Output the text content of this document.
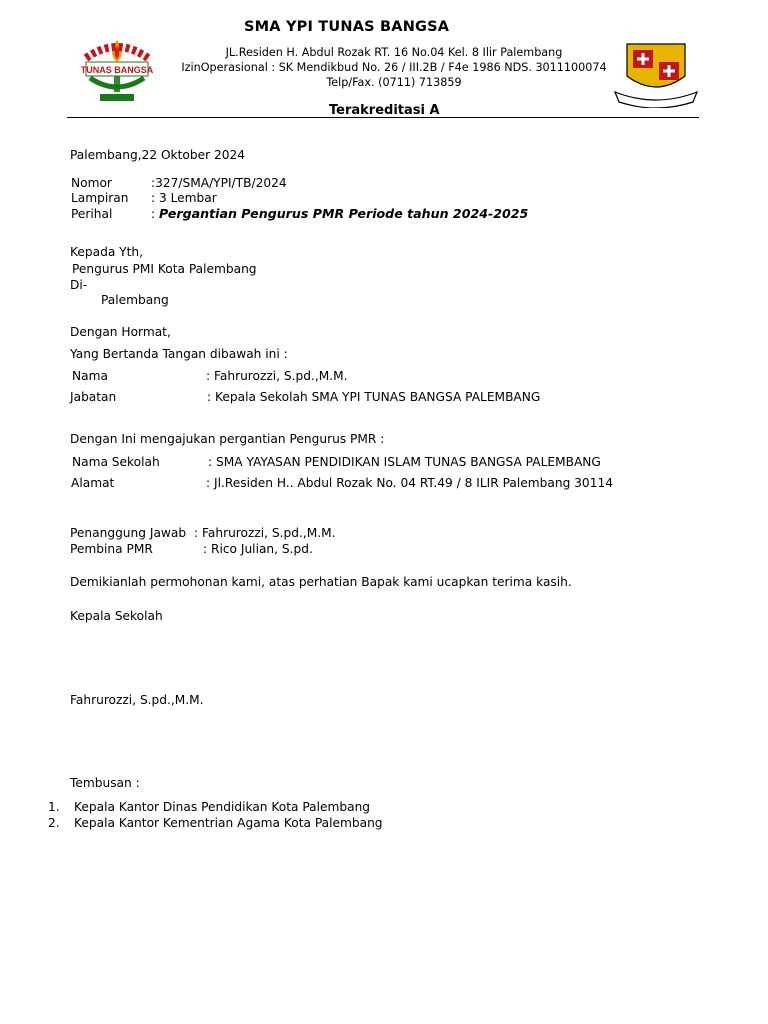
SMA YPI TUNAS BANGSA
TUNAS BANGSA
JL.Residen H. Abdul Rozak RT. 16 No.04 Kel. 8 Ilir Palembang
IzinOperasional : SK Mendikbud No. 26 / III.2B / F4e 1986 NDS. 3011100074
Telp/Fax. (0711) 713859
Terakreditasi A
Palembang,22 Oktober 2024
Nomor	:327/SMA/YPI/TB/2024
Lampiran : 3 Lembar
Perihal	: Pergantian Pengurus PMR Periode tahun 2024-2025
Kepada Yth,
Pengurus PMI Kota Palembang
Di-
Palembang
Dengan Hormat,
Yang Bertanda Tangan dibawah ini :
Nama	: Fahrurozzi, S.pd.,M.M.
Jabatan	: Kepala Sekolah SMA YPI TUNAS BANGSA PALEMBANG
Dengan Ini mengajukan pergantian Pengurus PMR :
Nama Sekolah	: SMA YAYASAN PENDIDIKAN ISLAM TUNAS BANGSA PALEMBANG
Alamat	: Jl.Residen H.. Abdul Rozak No. 04 RT.49 / 8 ILIR Palembang 30114
Penanggung Jawab : Fahrurozzi, S.pd.,M.M.
Pembina PMR	: Rico Julian, S.pd.
Demikianlah permohonan kami, atas perhatian Bapak kami ucapkan terima kasih.
Kepala Sekolah
Fahrurozzi, S.pd.,M.M.
Tembusan :
1. Kepala Kantor Dinas Pendidikan Kota Palembang
2. Kepala Kantor Kementrian Agama Kota Palembang
